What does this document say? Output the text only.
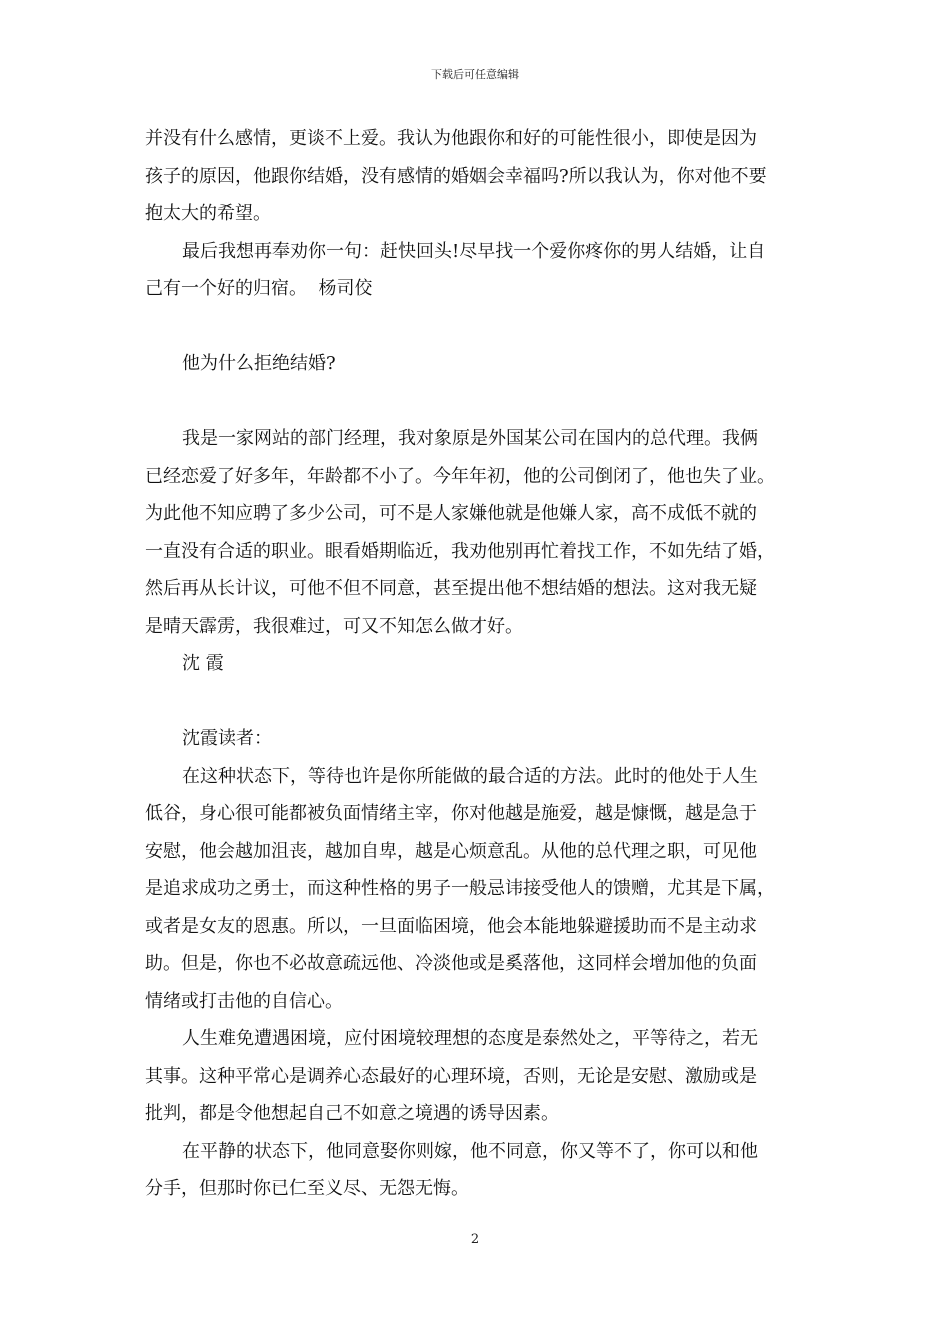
下载后可任意编辑
并没有什么感情，更谈不上爱。我认为他跟你和好的可能性很小，即使是因为
孩子的原因，他跟你结婚，没有感情的婚姻会幸福吗?所以我认为，你对他不要
抱太大的希望。
最后我想再奉劝你一句：赶快回头!尽早找一个爱你疼你的男人结婚，让自
己有一个好的归宿。  杨司佼
他为什么拒绝结婚?
我是一家网站的部门经理，我对象原是外国某公司在国内的总代理。我俩
已经恋爱了好多年，年龄都不小了。今年年初，他的公司倒闭了，他也失了业。
为此他不知应聘了多少公司，可不是人家嫌他就是他嫌人家，高不成低不就的
一直没有合适的职业。眼看婚期临近，我劝他别再忙着找工作，不如先结了婚，
然后再从长计议，可他不但不同意，甚至提出他不想结婚的想法。这对我无疑
是晴天霹雳，我很难过，可又不知怎么做才好。
沈 霞
沈霞读者：
在这种状态下，等待也许是你所能做的最合适的方法。此时的他处于人生
低谷，身心很可能都被负面情绪主宰，你对他越是施爱，越是慷慨，越是急于
安慰，他会越加沮丧，越加自卑，越是心烦意乱。从他的总代理之职，可见他
是追求成功之勇士，而这种性格的男子一般忌讳接受他人的馈赠，尤其是下属，
或者是女友的恩惠。所以，一旦面临困境，他会本能地躲避援助而不是主动求
助。但是，你也不必故意疏远他、冷淡他或是奚落他，这同样会增加他的负面
情绪或打击他的自信心。
人生难免遭遇困境，应付困境较理想的态度是泰然处之，平等待之，若无
其事。这种平常心是调养心态最好的心理环境，否则，无论是安慰、激励或是
批判，都是令他想起自己不如意之境遇的诱导因素。
在平静的状态下，他同意娶你则嫁，他不同意，你又等不了，你可以和他
分手，但那时你已仁至义尽、无怨无悔。
2
